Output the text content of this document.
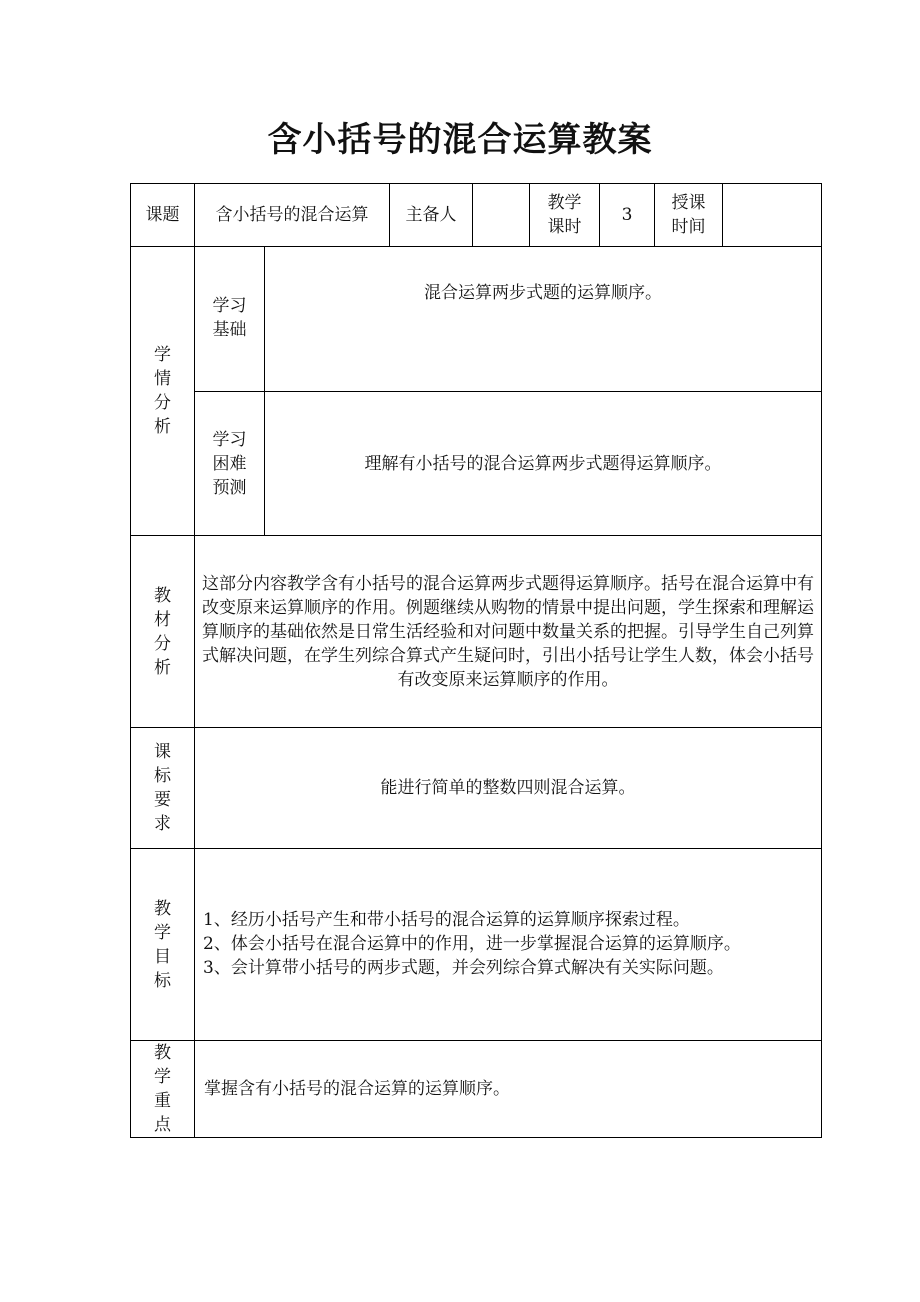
含小括号的混合运算教案
课题	含小括号的混合运算		主备人		教学课时	3	授课时间	
学情分析	学习基础	混合运算两步式题的运算顺序。						
	学习困难预测	理解有小括号的混合运算两步式题得运算顺序。						
教材分析	这部分内容教学含有小括号的混合运算两步式题得运算顺序。括号在混合运算中有改变原来运算顺序的作用。例题继续从购物的情景中提出问题，学生探索和理解运算顺序的基础依然是日常生活经验和对问题中数量关系的把握。引导学生自己列算式解决问题，在学生列综合算式产生疑问时，引出小括号让学生人数，体会小括号有改变原来运算顺序的作用。							
课标要求	能进行简单的整数四则混合运算。							
教学目标	1、经历小括号产生和带小括号的混合运算的运算顺序探索过程。
2、体会小括号在混合运算中的作用，进一步掌握混合运算的运算顺序。
3、会计算带小括号的两步式题，并会列综合算式解决有关实际问题。							

教学重点	掌握含有小括号的混合运算的运算顺序。							
